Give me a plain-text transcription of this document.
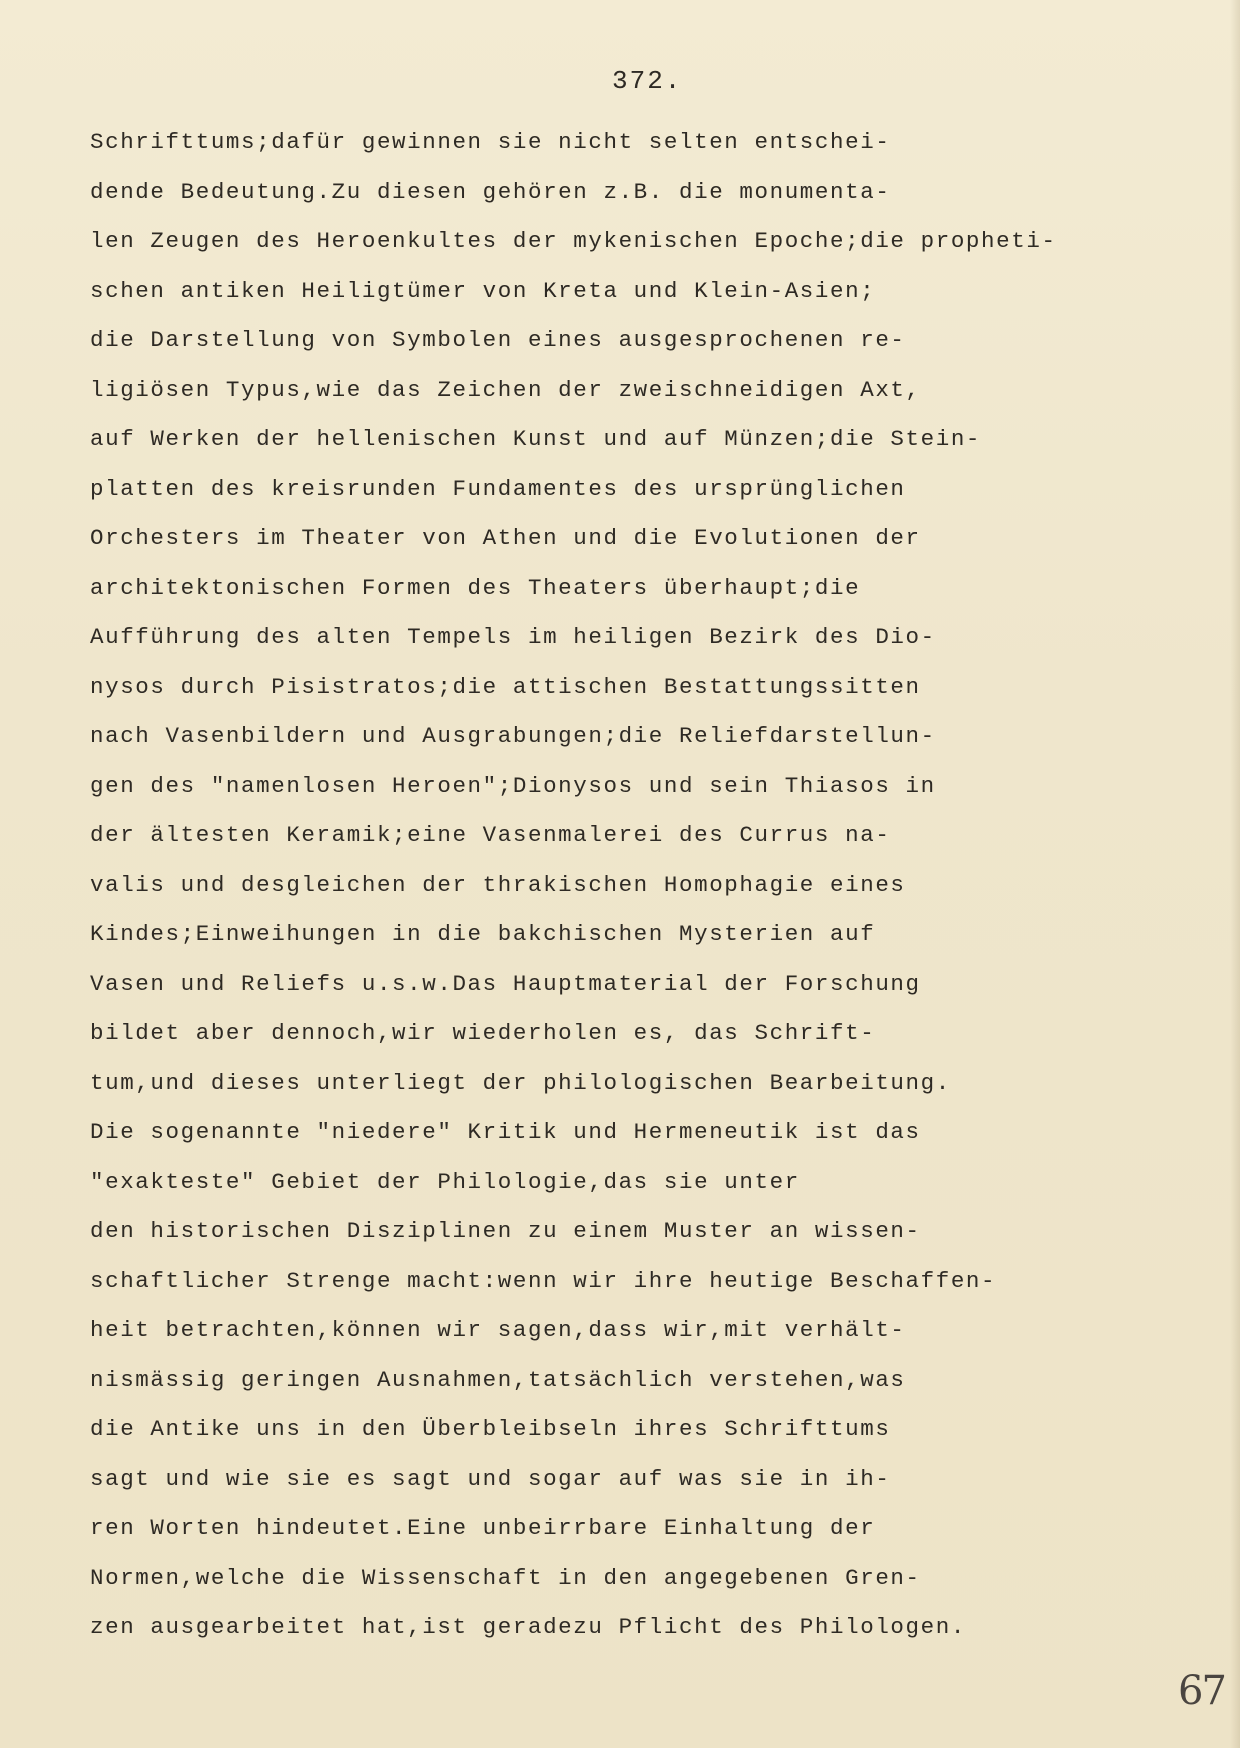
372.
Schrifttums;dafür gewinnen sie nicht selten entschei-
dende Bedeutung.Zu diesen gehören z.B. die monumenta-
len Zeugen des Heroenkultes der mykenischen Epoche;die propheti-
schen antiken Heiligtümer von Kreta und Klein-Asien;
die Darstellung von Symbolen eines ausgesprochenen re-
ligiösen Typus,wie das Zeichen der zweischneidigen Axt,
auf Werken der hellenischen Kunst und auf Münzen;die Stein-
platten des kreisrunden Fundamentes des ursprünglichen
Orchesters im Theater von Athen und die Evolutionen der
architektonischen Formen des Theaters überhaupt;die
Aufführung des alten Tempels im heiligen Bezirk des Dio-
nysos durch Pisistratos;die attischen Bestattungssitten
nach Vasenbildern und Ausgrabungen;die Reliefdarstellun-
gen des "namenlosen Heroen";Dionysos und sein Thiasos in
der ältesten Keramik;eine Vasenmalerei des Currus na-
valis und desgleichen der thrakischen Homophagie eines
Kindes;Einweihungen in die bakchischen Mysterien auf
Vasen und Reliefs u.s.w.Das Hauptmaterial der Forschung
bildet aber dennoch,wir wiederholen es, das Schrift-
tum,und dieses unterliegt der philologischen Bearbeitung.
Die sogenannte "niedere" Kritik und Hermeneutik ist das
"exakteste" Gebiet der Philologie,das sie unter
den historischen Disziplinen zu einem Muster an wissen-
schaftlicher Strenge macht:wenn wir ihre heutige Beschaffen-
heit betrachten,können wir sagen,dass wir,mit verhält-
nismässig geringen Ausnahmen,tatsächlich verstehen,was
die Antike uns in den Überbleibseln ihres Schrifttums
sagt und wie sie es sagt und sogar auf was sie in ih-
ren Worten hindeutet.Eine unbeirrbare Einhaltung der
Normen,welche die Wissenschaft in den angegebenen Gren-
zen ausgearbeitet hat,ist geradezu Pflicht des Philologen.
67
